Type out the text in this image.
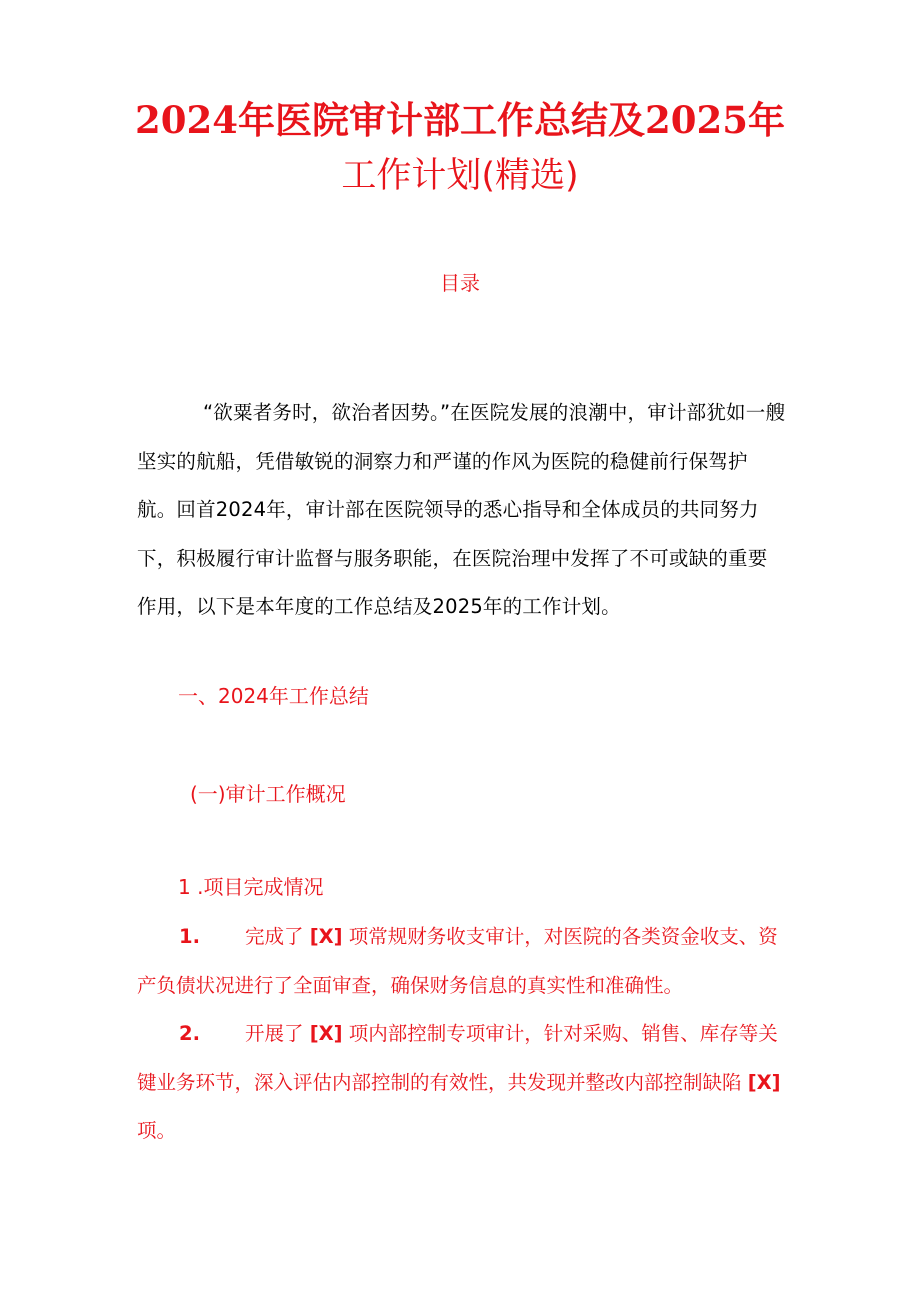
2024年医院审计部工作总结及2025年
工作计划(精选)
目录

“欲粟者务时，欲治者因势。”在医院发展的浪潮中，审计部犹如一艘坚实的航船，凭借敏锐的洞察力和严谨的作风为医院的稳健前行保驾护航。回首2024年，审计部在医院领导的悉心指导和全体成员的共同努力下，积极履行审计监督与服务职能，在医院治理中发挥了不可或缺的重要作用，以下是本年度的工作总结及2025年的工作计划。

一、2024年工作总结
(一)审计工作概况
1 .项目完成情况

1. 完成了 [X] 项常规财务收支审计，对医院的各类资金收支、资产负债状况进行了全面审查，确保财务信息的真实性和准确性。

2. 开展了 [X] 项内部控制专项审计，针对采购、销售、库存等关键业务环节，深入评估内部控制的有效性，共发现并整改内部控制缺陷 [X] 项。
